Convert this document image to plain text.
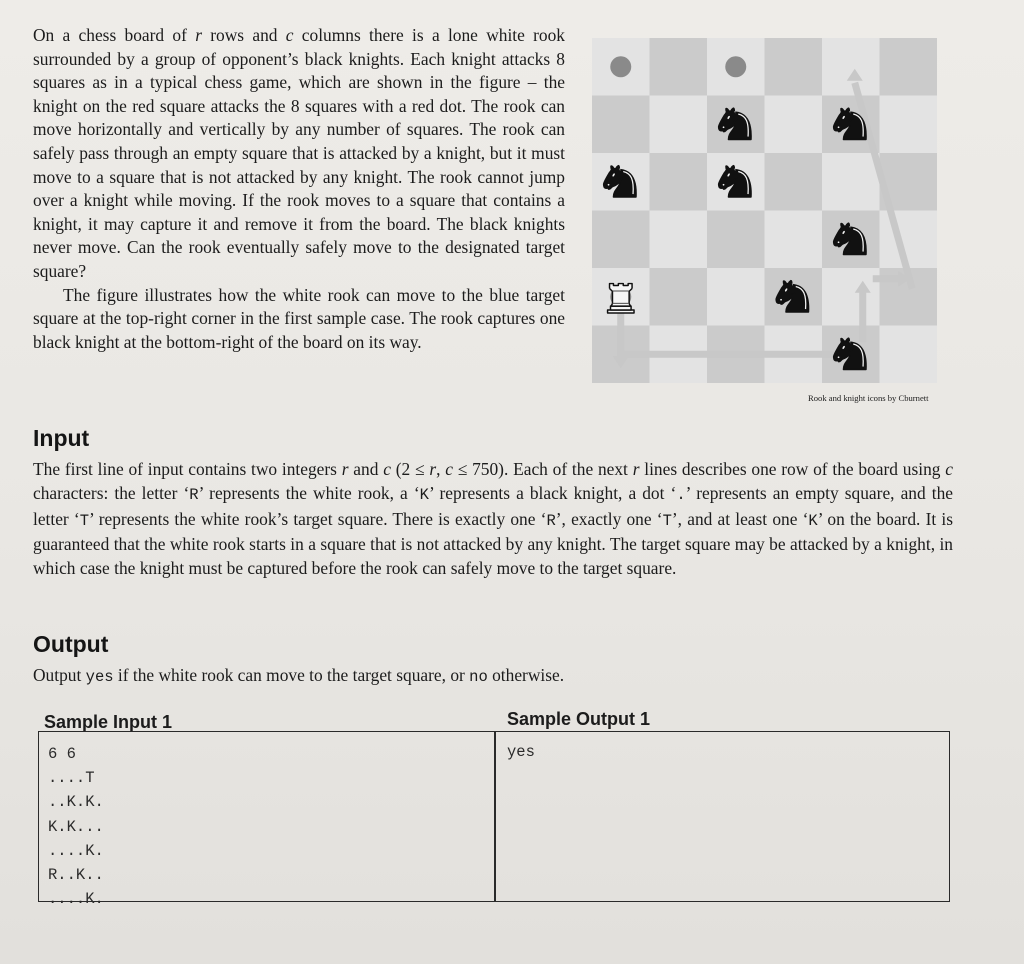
On a chess board of r rows and c columns there is a lone white rook surrounded by a group of opponent’s black knights. Each knight attacks 8 squares as in a typical chess game, which are shown in the figure – the knight on the red square attacks the 8 squares with a red dot. The rook can move horizontally and vertically by any number of squares. The rook can safely pass through an empty square that is attacked by a knight, but it must move to a square that is not attacked by any knight. The rook cannot jump over a knight while moving. If the rook moves to a square that contains a knight, it may capture it and remove it from the board. The black knights never move. Can the rook eventually safely move to the designated target square?

The figure illustrates how the white rook can move to the blue target square at the top-right corner in the first sample case. The rook captures one black knight at the bottom-right of the board on its way.

Rook and knight icons by Cburnett

Input

The first line of input contains two integers r and c (2 ≤ r, c ≤ 750). Each of the next r lines describes one row of the board using c characters: the letter ‘R’ represents the white rook, a ‘K’ represents a black knight, a dot ‘.’ represents an empty square, and the letter ‘T’ represents the white rook’s target square. There is exactly one ‘R’, exactly one ‘T’, and at least one ‘K’ on the board. It is guaranteed that the white rook starts in a square that is not attacked by any knight. The target square may be attacked by a knight, in which case the knight must be captured before the rook can safely move to the target square.

Output

Output yes if the white rook can move to the target square, or no otherwise.

Sample Input 1	Sample Output 1

6 6
....T
..K.K.
K.K...
....K.
R..K..
....K.
yes
